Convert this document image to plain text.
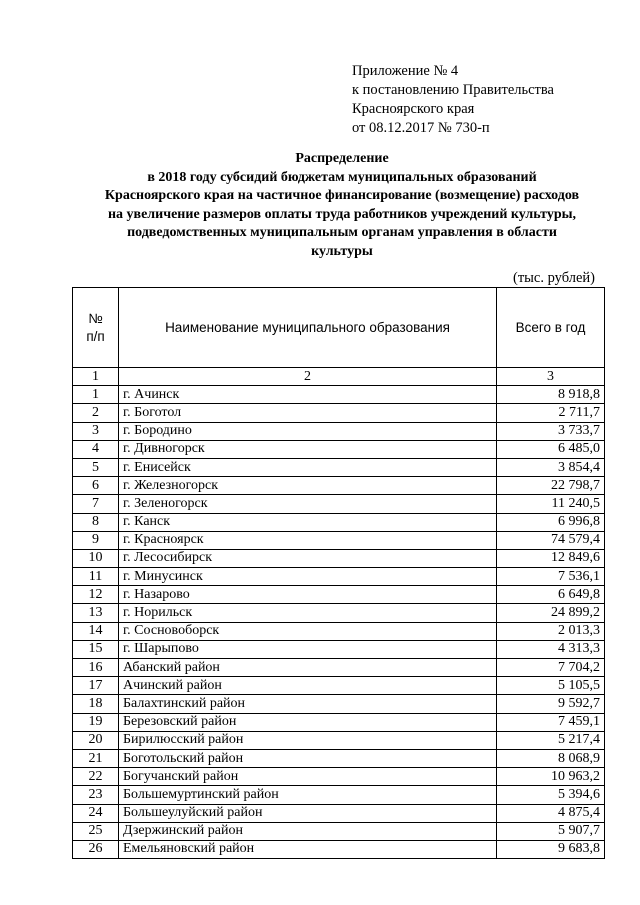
Приложение № 4
к постановлению Правительства
Красноярского края
от 08.12.2017 № 730-п
Распределение
в 2018 году субсидий бюджетам муниципальных образований
Красноярского края на частичное финансирование (возмещение) расходов
на увеличение размеров оплаты труда работников учреждений культуры,
подведомственных муниципальным органам управления в области
культуры
(тыс. рублей)
№
п/п	Наименование муниципального образования	Всего в год
1	2	3
1	г. Ачинск	8 918,8
2	г. Боготол	2 711,7
3	г. Бородино	3 733,7
4	г. Дивногорск	6 485,0
5	г. Енисейск	3 854,4
6	г. Железногорск	22 798,7
7	г. Зеленогорск	11 240,5
8	г. Канск	6 996,8
9	г. Красноярск	74 579,4
10	г. Лесосибирск	12 849,6
11	г. Минусинск	7 536,1
12	г. Назарово	6 649,8
13	г. Норильск	24 899,2
14	г. Сосновоборск	2 013,3
15	г. Шарыпово	4 313,3
16	Абанский район	7 704,2
17	Ачинский район	5 105,5
18	Балахтинский район	9 592,7
19	Березовский район	7 459,1
20	Бирилюсский район	5 217,4
21	Боготольский район	8 068,9
22	Богучанский район	10 963,2
23	Большемуртинский район	5 394,6
24	Большеулуйский район	4 875,4
25	Дзержинский район	5 907,7
26	Емельяновский район	9 683,8
